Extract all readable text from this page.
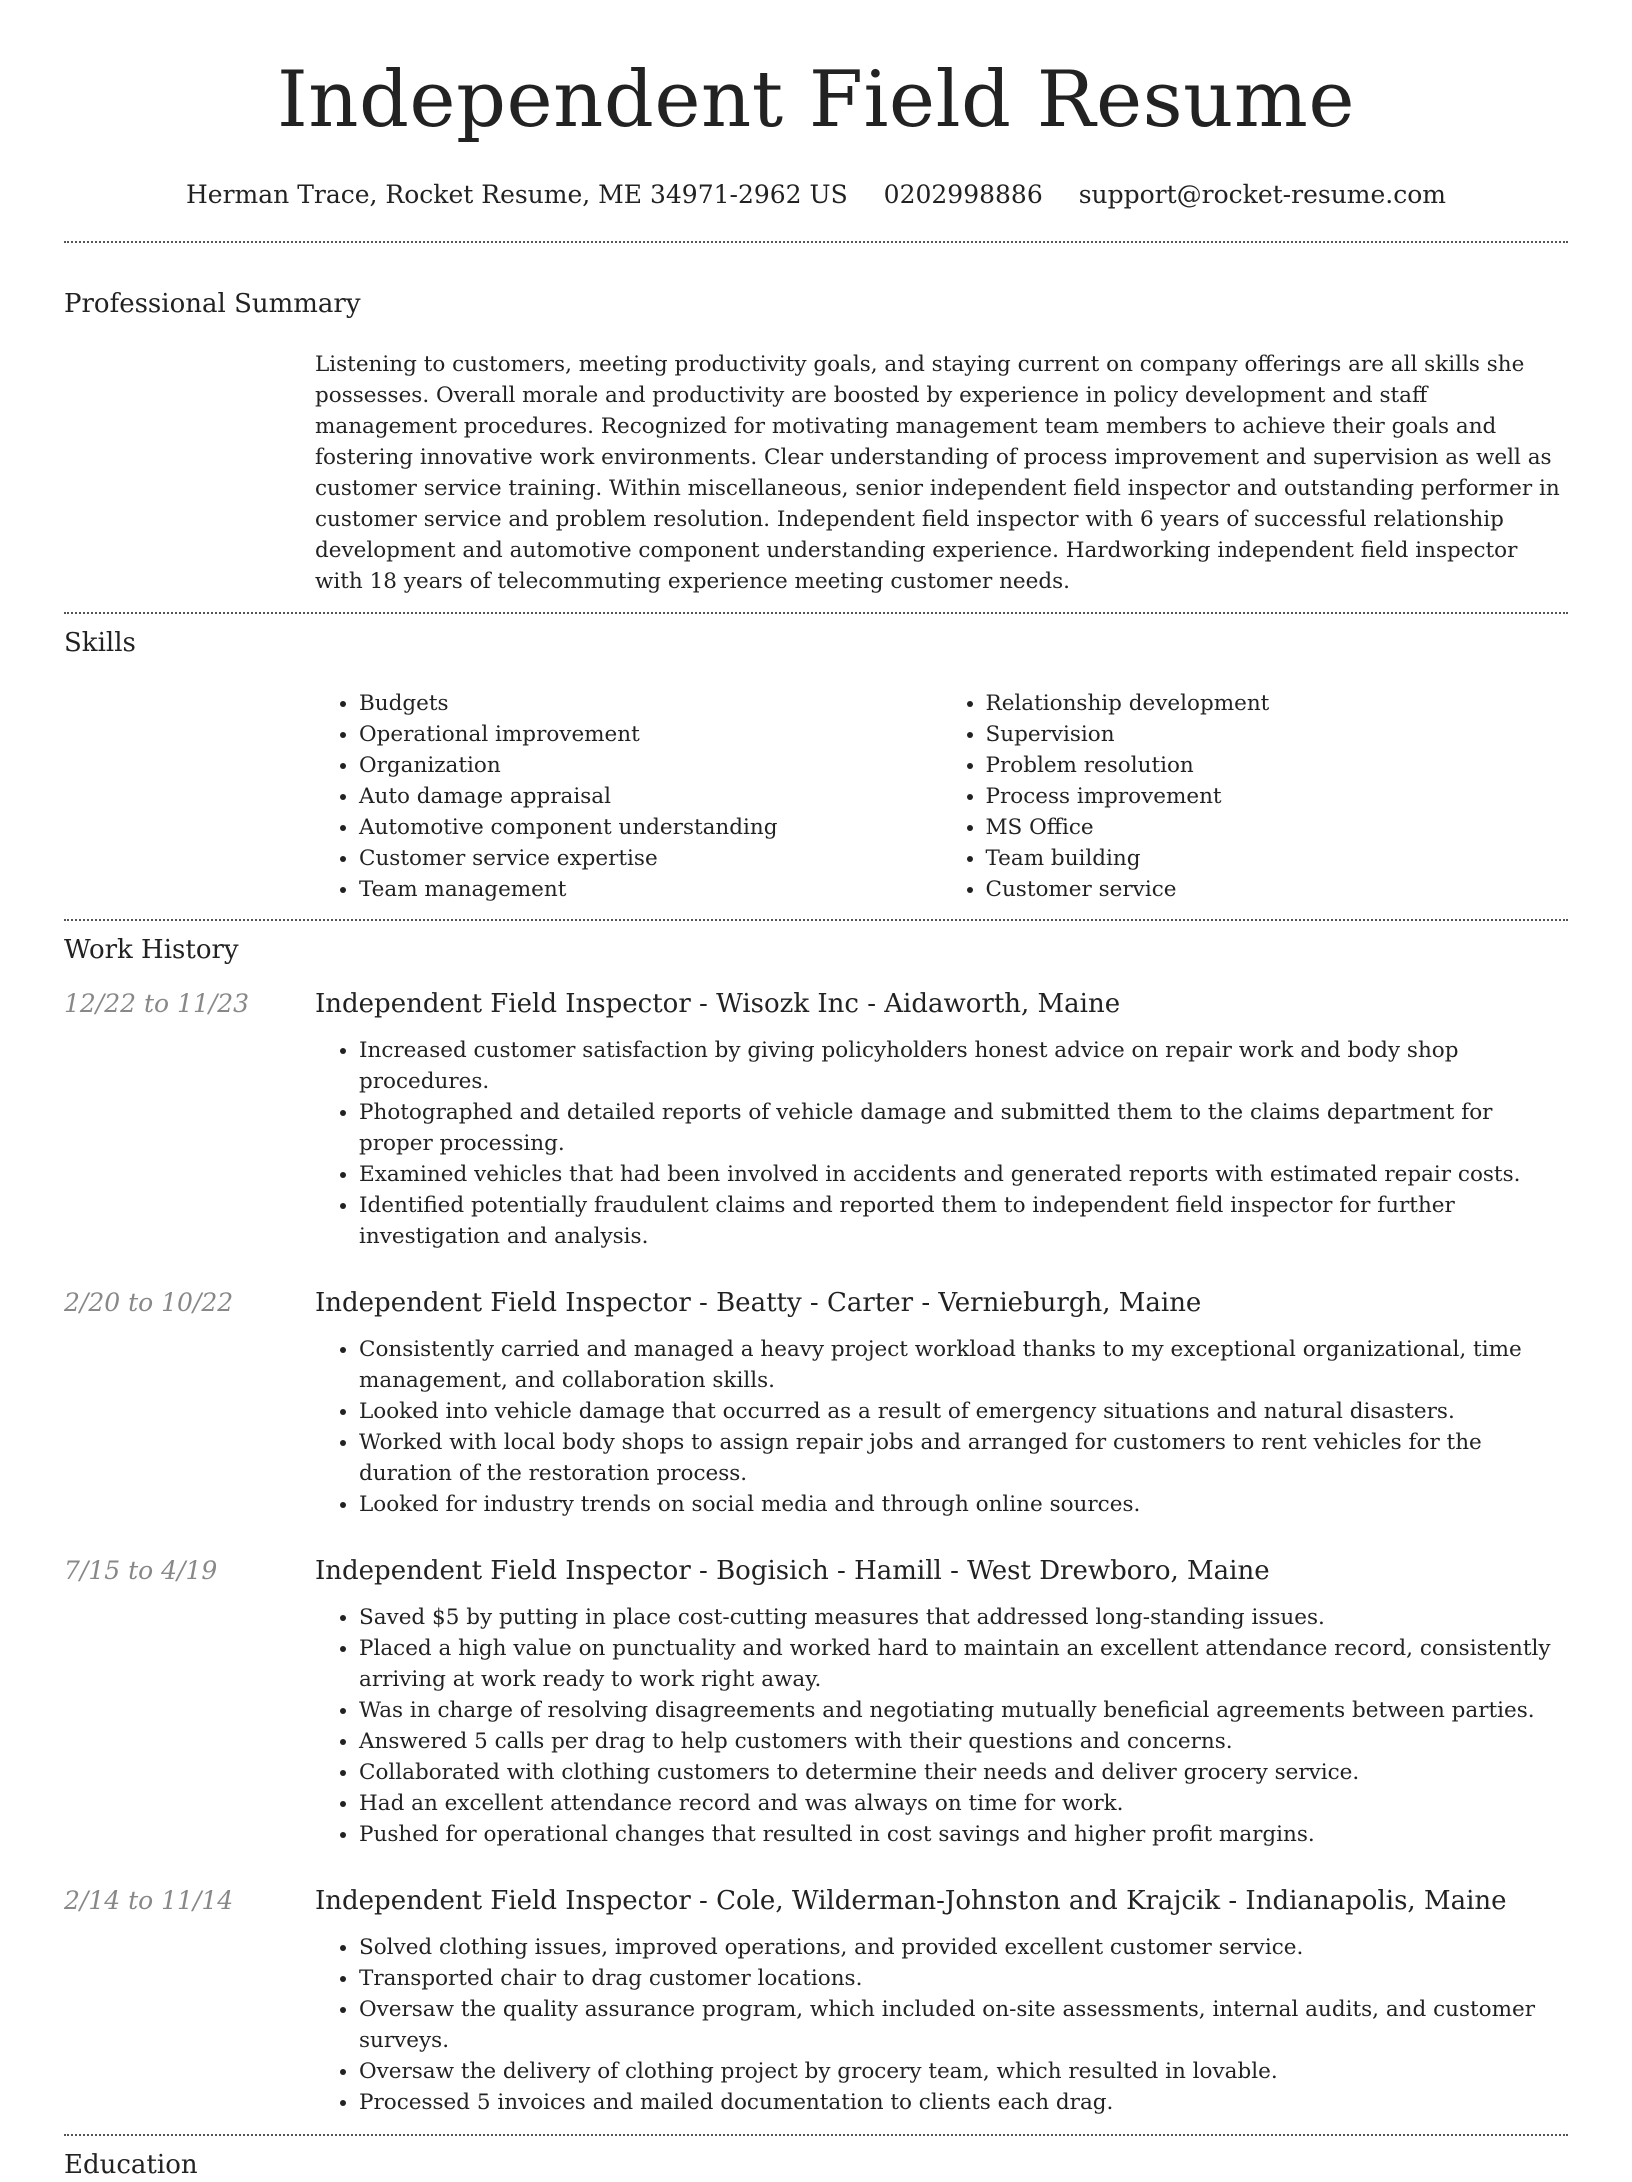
Independent Field Resume
Herman Trace, Rocket Resume, ME 34971-2962 US 0202998886 support@rocket-resume.com
Professional Summary

Listening to customers, meeting productivity goals, and staying current on company offerings are all skills she possesses. Overall morale and productivity are boosted by experience in policy development and staff management procedures. Recognized for motivating management team members to achieve their goals and fostering innovative work environments. Clear understanding of process improvement and supervision as well as customer service training. Within miscellaneous, senior independent field inspector and outstanding performer in customer service and problem resolution. Independent field inspector with 6 years of successful relationship development and automotive component understanding experience. Hardworking independent field inspector with 18 years of telecommuting experience meeting customer needs.

Skills
• Budgets
• Operational improvement
• Organization
• Auto damage appraisal
• Automotive component understanding
• Customer service expertise
• Team management
• Relationship development
• Supervision
• Problem resolution
• Process improvement
• MS Office
• Team building
• Customer service
Work History
12/22 to 11/23	Independent Field Inspector - Wisozk Inc - Aidaworth, Maine
• Increased customer satisfaction by giving policyholders honest advice on repair work and body shop procedures.
• Photographed and detailed reports of vehicle damage and submitted them to the claims department for proper processing.
• Examined vehicles that had been involved in accidents and generated reports with estimated repair costs.
• Identified potentially fraudulent claims and reported them to independent field inspector for further investigation and analysis.
2/20 to 10/22	Independent Field Inspector - Beatty - Carter - Vernieburgh, Maine
• Consistently carried and managed a heavy project workload thanks to my exceptional organizational, time management, and collaboration skills.
• Looked into vehicle damage that occurred as a result of emergency situations and natural disasters.
• Worked with local body shops to assign repair jobs and arranged for customers to rent vehicles for the duration of the restoration process.
• Looked for industry trends on social media and through online sources.
7/15 to 4/19	Independent Field Inspector - Bogisich - Hamill - West Drewboro, Maine
• Saved $5 by putting in place cost-cutting measures that addressed long-standing issues.
• Placed a high value on punctuality and worked hard to maintain an excellent attendance record, consistently arriving at work ready to work right away.
• Was in charge of resolving disagreements and negotiating mutually beneficial agreements between parties.
• Answered 5 calls per drag to help customers with their questions and concerns.
• Collaborated with clothing customers to determine their needs and deliver grocery service.
• Had an excellent attendance record and was always on time for work.
• Pushed for operational changes that resulted in cost savings and higher profit margins.
2/14 to 11/14	Independent Field Inspector - Cole, Wilderman-Johnston and Krajcik - Indianapolis, Maine
• Solved clothing issues, improved operations, and provided excellent customer service.
• Transported chair to drag customer locations.
• Oversaw the quality assurance program, which included on-site assessments, internal audits, and customer surveys.
• Oversaw the delivery of clothing project by grocery team, which resulted in lovable.
• Processed 5 invoices and mailed documentation to clients each drag.
Education
